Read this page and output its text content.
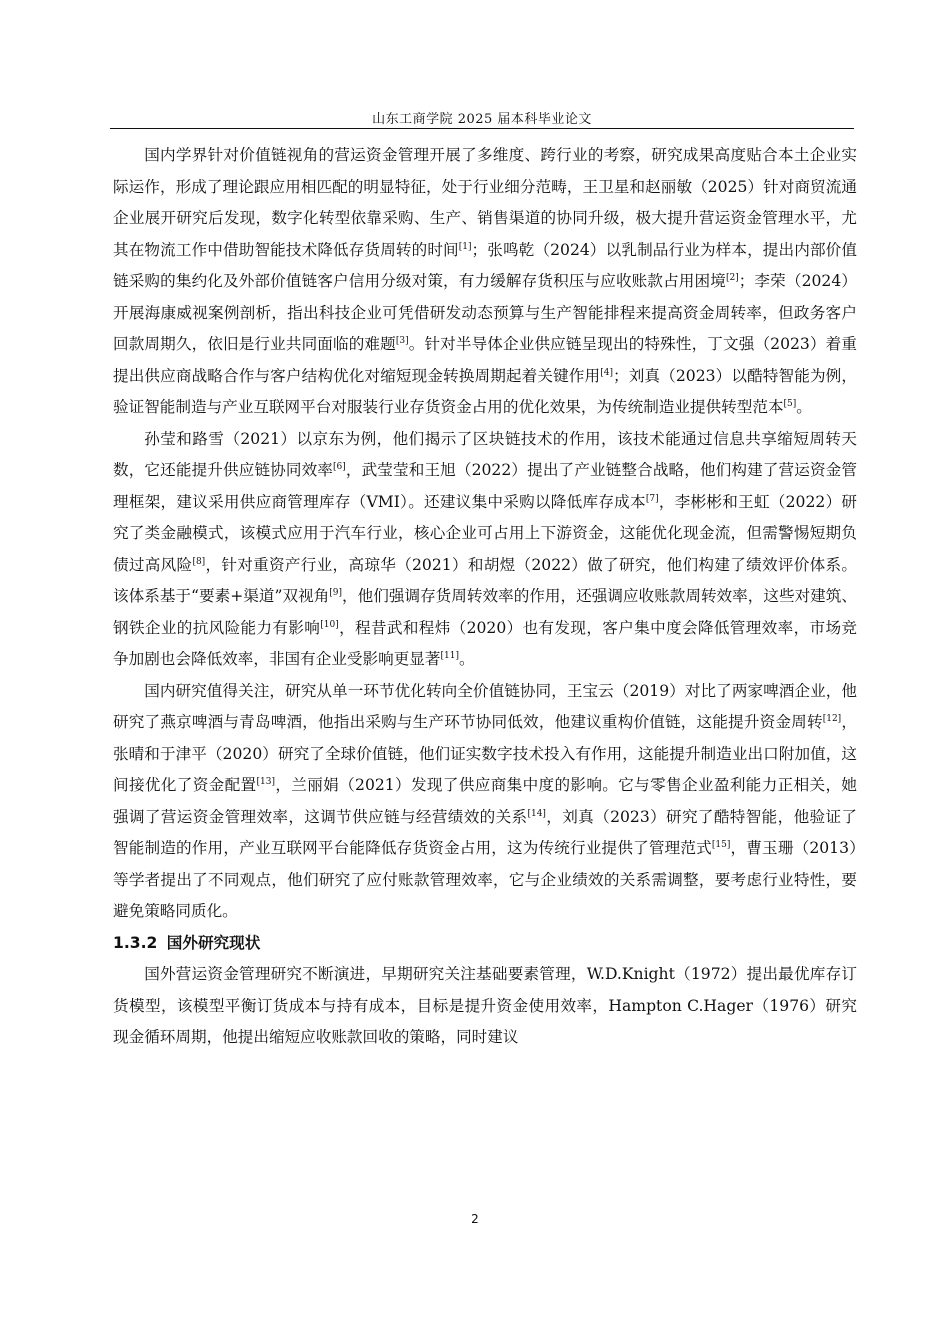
山东工商学院 2025 届本科毕业论文

国内学界针对价值链视角的营运资金管理开展了多维度、跨行业的考察，研究成果高度贴合本土企业实际运作，形成了理论跟应用相匹配的明显特征，处于行业细分范畴，王卫星和赵丽敏（2025）针对商贸流通企业展开研究后发现，数字化转型依靠采购、生产、销售渠道的协同升级，极大提升营运资金管理水平，尤其在物流工作中借助智能技术降低存货周转的时间[1]；张鸣乾（2024）以乳制品行业为样本，提出内部价值链采购的集约化及外部价值链客户信用分级对策，有力缓解存货积压与应收账款占用困境[2]；李荣（2024）开展海康威视案例剖析，指出科技企业可凭借研发动态预算与生产智能排程来提高资金周转率，但政务客户回款周期久，依旧是行业共同面临的难题[3]。针对半导体企业供应链呈现出的特殊性，丁文强（2023）着重提出供应商战略合作与客户结构优化对缩短现金转换周期起着关键作用[4]；刘真（2023）以酷特智能为例，验证智能制造与产业互联网平台对服装行业存货资金占用的优化效果，为传统制造业提供转型范本[5]。

孙莹和路雪（2021）以京东为例，他们揭示了区块链技术的作用，该技术能通过信息共享缩短周转天数，它还能提升供应链协同效率[6]，武莹莹和王旭（2022）提出了产业链整合战略，他们构建了营运资金管理框架，建议采用供应商管理库存（VMI）。还建议集中采购以降低库存成本[7]，李彬彬和王虹（2022）研究了类金融模式，该模式应用于汽车行业，核心企业可占用上下游资金，这能优化现金流，但需警惕短期负债过高风险[8]，针对重资产行业，高琼华（2021）和胡煜（2022）做了研究，他们构建了绩效评价体系。该体系基于“要素+渠道”双视角[9]，他们强调存货周转效率的作用，还强调应收账款周转效率，这些对建筑、钢铁企业的抗风险能力有影响[10]，程昔武和程炜（2020）也有发现，客户集中度会降低管理效率，市场竞争加剧也会降低效率，非国有企业受影响更显著[11]。

国内研究值得关注，研究从单一环节优化转向全价值链协同，王宝云（2019）对比了两家啤酒企业，他研究了燕京啤酒与青岛啤酒，他指出采购与生产环节协同低效，他建议重构价值链，这能提升资金周转[12]，张晴和于津平（2020）研究了全球价值链，他们证实数字技术投入有作用，这能提升制造业出口附加值，这间接优化了资金配置[13]，兰丽娟（2021）发现了供应商集中度的影响。它与零售企业盈利能力正相关，她强调了营运资金管理效率，这调节供应链与经营绩效的关系[14]，刘真（2023）研究了酷特智能，他验证了智能制造的作用，产业互联网平台能降低存货资金占用，这为传统行业提供了管理范式[15]，曹玉珊（2013）等学者提出了不同观点，他们研究了应付账款管理效率，它与企业绩效的关系需调整，要考虑行业特性，要避免策略同质化。

1.3.2 国外研究现状

国外营运资金管理研究不断演进，早期研究关注基础要素管理，W.D.Knight（1972）提出最优库存订货模型，该模型平衡订货成本与持有成本，目标是提升资金使用效率，Hampton C.Hager（1976）研究现金循环周期，他提出缩短应收账款回收的策略，同时建议

2
